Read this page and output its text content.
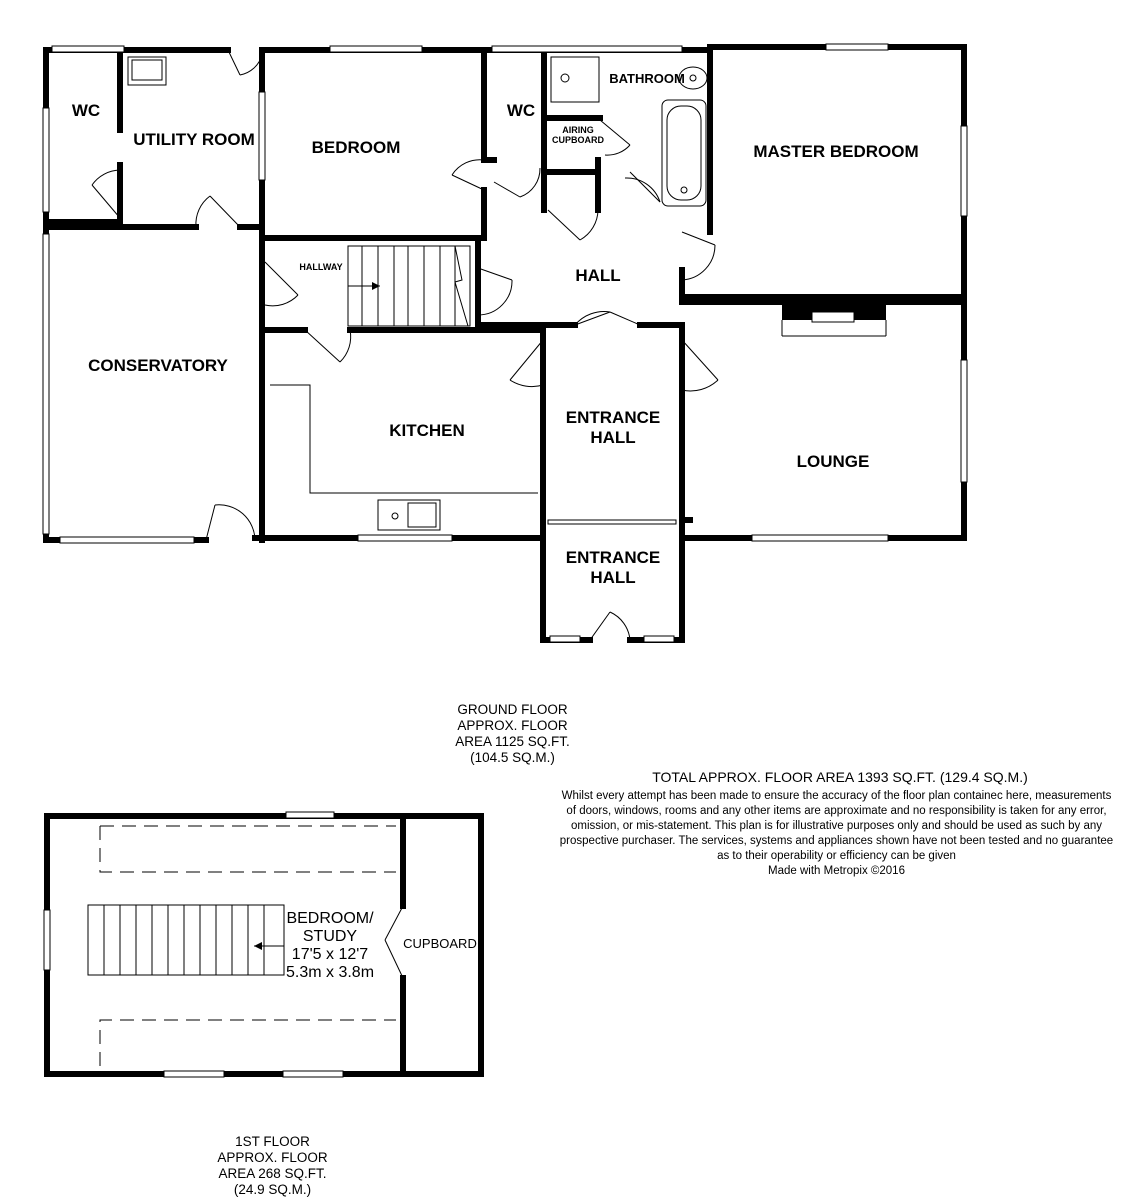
WC
UTILITY ROOM	BEDROOM
WC
BATHROOM
AIRING
CUPBOARD
MASTER BEDROOM
HALLWAY	HALL
CONSERVATORY
KITCHEN
ENTRANCE
HALL
ENTRANCE
HALL
LOUNGE
BEDROOM/
STUDY
17'5 x 12'7
5.3m x 3.8m
CUPBOARD
GROUND FLOOR
APPROX. FLOOR
AREA 1125 SQ.FT.
(104.5 SQ.M.)
TOTAL APPROX. FLOOR AREA 1393 SQ.FT. (129.4 SQ.M.)
Whilst every attempt has been made to ensure the accuracy of the floor plan containec here, measurements
of doors, windows, rooms and any other items are approximate and no responsibility is taken for any error,
omission, or mis-statement. This plan is for illustrative purposes only and should be used as such by any
prospective purchaser. The services, systems and appliances shown have not been tested and no guarantee
as to their operability or efficiency can be given
Made with Metropix ©2016
1ST FLOOR
APPROX. FLOOR
AREA 268 SQ.FT.
(24.9 SQ.M.)
